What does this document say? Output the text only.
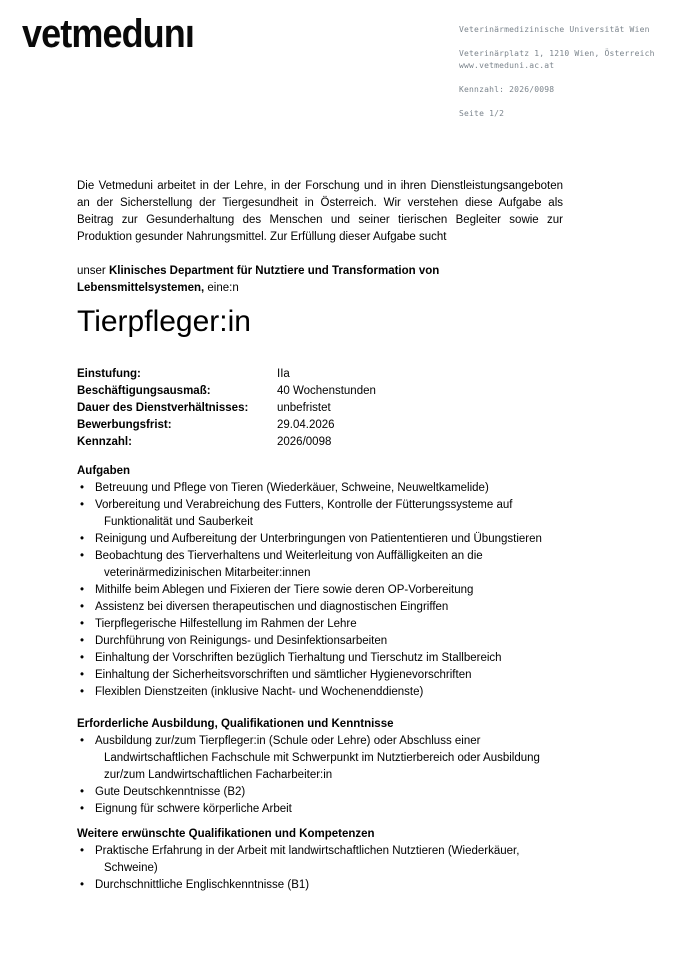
vetmedunı	Veterinärmedizinische Universität Wien
Veterinärplatz 1, 1210 Wien, Österreich
www.vetmeduni.ac.at
Kennzahl: 2026/0098
Seite 1/2
Die Vetmeduni arbeitet in der Lehre, in der Forschung und in ihren Dienstleistungsangeboten
an der Sicherstellung der Tiergesundheit in Österreich. Wir verstehen diese Aufgabe als
Beitrag zur Gesunderhaltung des Menschen und seiner tierischen Begleiter sowie zur
Produktion gesunder Nahrungsmittel. Zur Erfüllung dieser Aufgabe sucht
unser Klinisches Department für Nutztiere und Transformation von
Lebensmittelsystemen, eine:n
Tierpfleger:in
Einstufung:	IIa
Beschäftigungsausmaß:	40 Wochenstunden
Dauer des Dienstverhältnisses:	unbefristet
Bewerbungsfrist:	29.04.2026
Kennzahl:	2026/0098
Aufgaben
• Betreuung und Pflege von Tieren (Wiederkäuer, Schweine, Neuweltkamelide)
• Vorbereitung und Verabreichung des Futters, Kontrolle der Fütterungssysteme auf
Funktionalität und Sauberkeit
• Reinigung und Aufbereitung der Unterbringungen von Patiententieren und Übungstieren
• Beobachtung des Tierverhaltens und Weiterleitung von Auffälligkeiten an die
veterinärmedizinischen Mitarbeiter:innen
• Mithilfe beim Ablegen und Fixieren der Tiere sowie deren OP-Vorbereitung
• Assistenz bei diversen therapeutischen und diagnostischen Eingriffen
• Tierpflegerische Hilfestellung im Rahmen der Lehre
• Durchführung von Reinigungs- und Desinfektionsarbeiten
• Einhaltung der Vorschriften bezüglich Tierhaltung und Tierschutz im Stallbereich
• Einhaltung der Sicherheitsvorschriften und sämtlicher Hygienevorschriften
• Flexiblen Dienstzeiten (inklusive Nacht- und Wochenenddienste)
Erforderliche Ausbildung, Qualifikationen und Kenntnisse
• Ausbildung zur/zum Tierpfleger:in (Schule oder Lehre) oder Abschluss einer
Landwirtschaftlichen Fachschule mit Schwerpunkt im Nutztierbereich oder Ausbildung
zur/zum Landwirtschaftlichen Facharbeiter:in
• Gute Deutschkenntnisse (B2)
• Eignung für schwere körperliche Arbeit
Weitere erwünschte Qualifikationen und Kompetenzen
• Praktische Erfahrung in der Arbeit mit landwirtschaftlichen Nutztieren (Wiederkäuer,
Schweine)
• Durchschnittliche Englischkenntnisse (B1)
